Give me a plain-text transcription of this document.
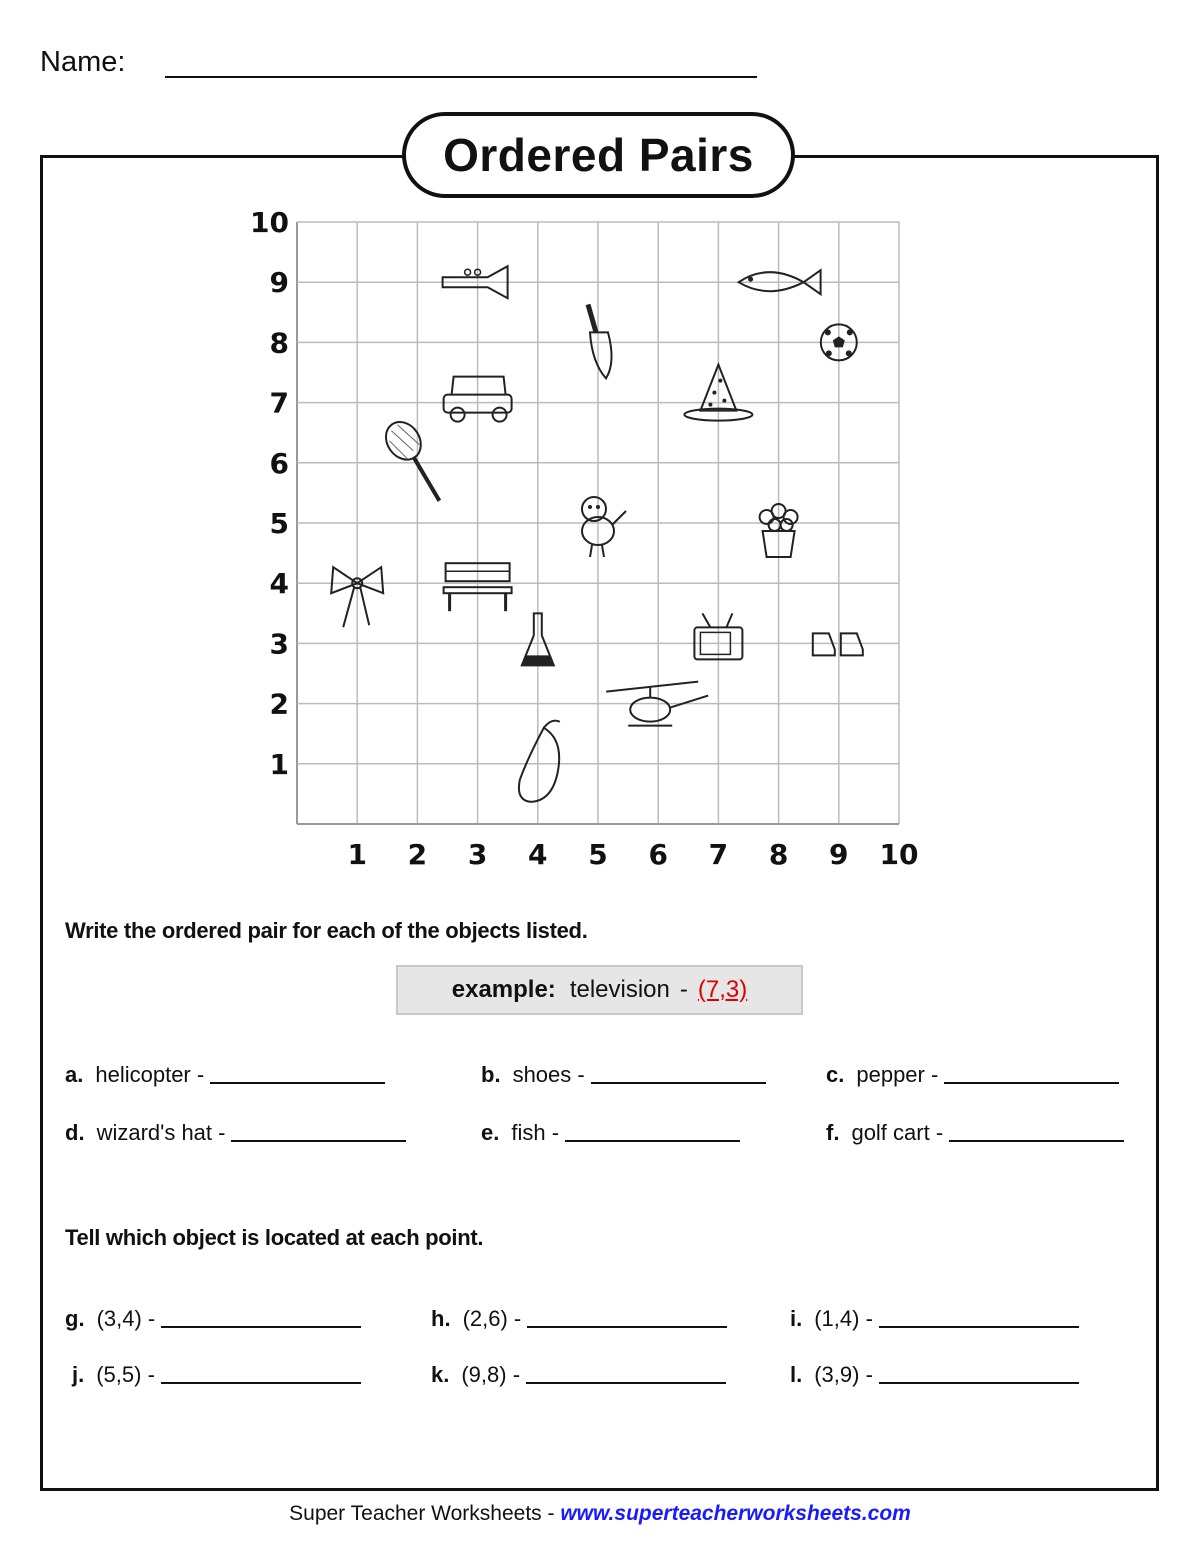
Name:
Ordered Pairs
1 2 3 4 5 6 7 8 9 10
1
2
3
4
5
6
7
8
9
10
Write the ordered pair for each of the objects listed.
example: television - (7,3)
a. helicopter -	b. shoes -	c. pepper -
d. wizard's hat -	e. fish -	f. golf cart -
Tell which object is located at each point.
g. (3,4) -	h. (2,6) -	i. (1,4) -
j. (5,5) -	k. (9,8) -	l. (3,9) -
Super Teacher Worksheets - www.superteacherworksheets.com
